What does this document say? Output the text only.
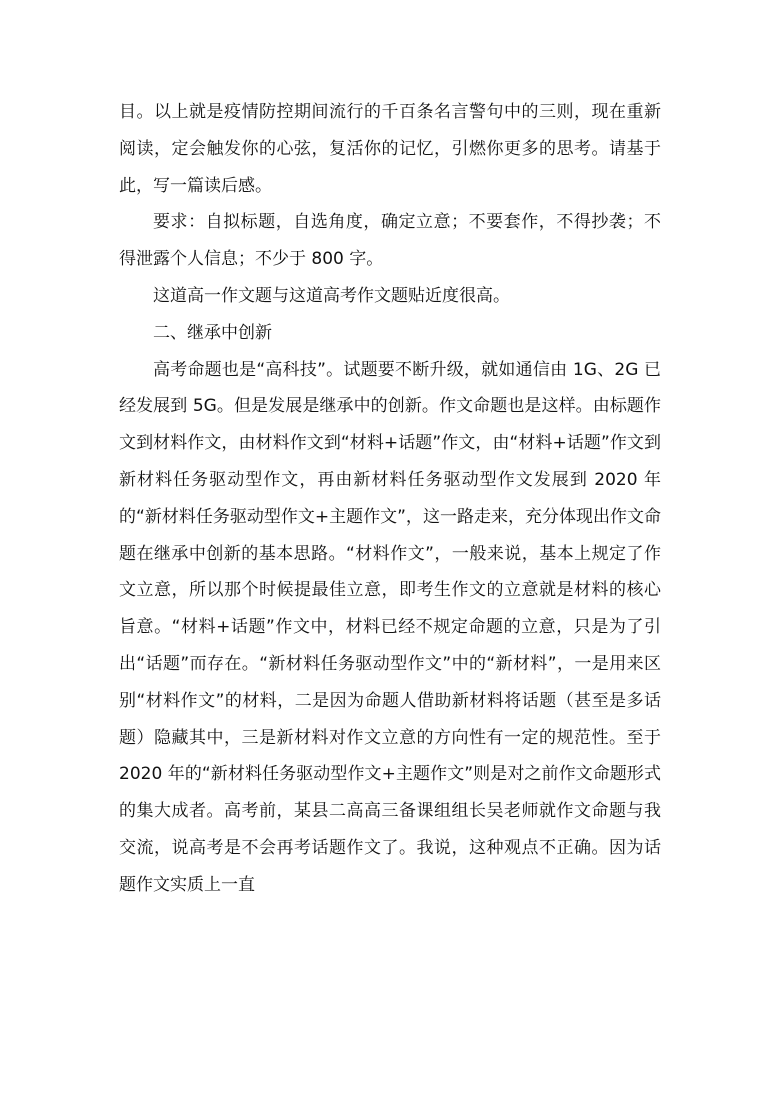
目。以上就是疫情防控期间流行的千百条名言警句中的三则，现在重新阅读，定会触发你的心弦，复活你的记忆，引燃你更多的思考。请基于此，写一篇读后感。

要求：自拟标题，自选角度，确定立意；不要套作，不得抄袭；不得泄露个人信息；不少于 800 字。

这道高一作文题与这道高考作文题贴近度很高。

二、继承中创新

高考命题也是“高科技”。试题要不断升级，就如通信由 1G、2G 已经发展到 5G。但是发展是继承中的创新。作文命题也是这样。由标题作文到材料作文，由材料作文到“材料+话题”作文，由“材料+话题”作文到新材料任务驱动型作文，再由新材料任务驱动型作文发展到 2020 年的“新材料任务驱动型作文+主题作文”，这一路走来，充分体现出作文命题在继承中创新的基本思路。“材料作文”，一般来说，基本上规定了作文立意，所以那个时候提最佳立意，即考生作文的立意就是材料的核心旨意。“材料+话题”作文中，材料已经不规定命题的立意，只是为了引出“话题”而存在。“新材料任务驱动型作文”中的“新材料”，一是用来区别“材料作文”的材料，二是因为命题人借助新材料将话题（甚至是多话题）隐藏其中，三是新材料对作文立意的方向性有一定的规范性。至于 2020 年的“新材料任务驱动型作文+主题作文”则是对之前作文命题形式的集大成者。高考前，某县二高高三备课组组长吴老师就作文命题与我交流，说高考是不会再考话题作文了。我说，这种观点不正确。因为话题作文实质上一直
